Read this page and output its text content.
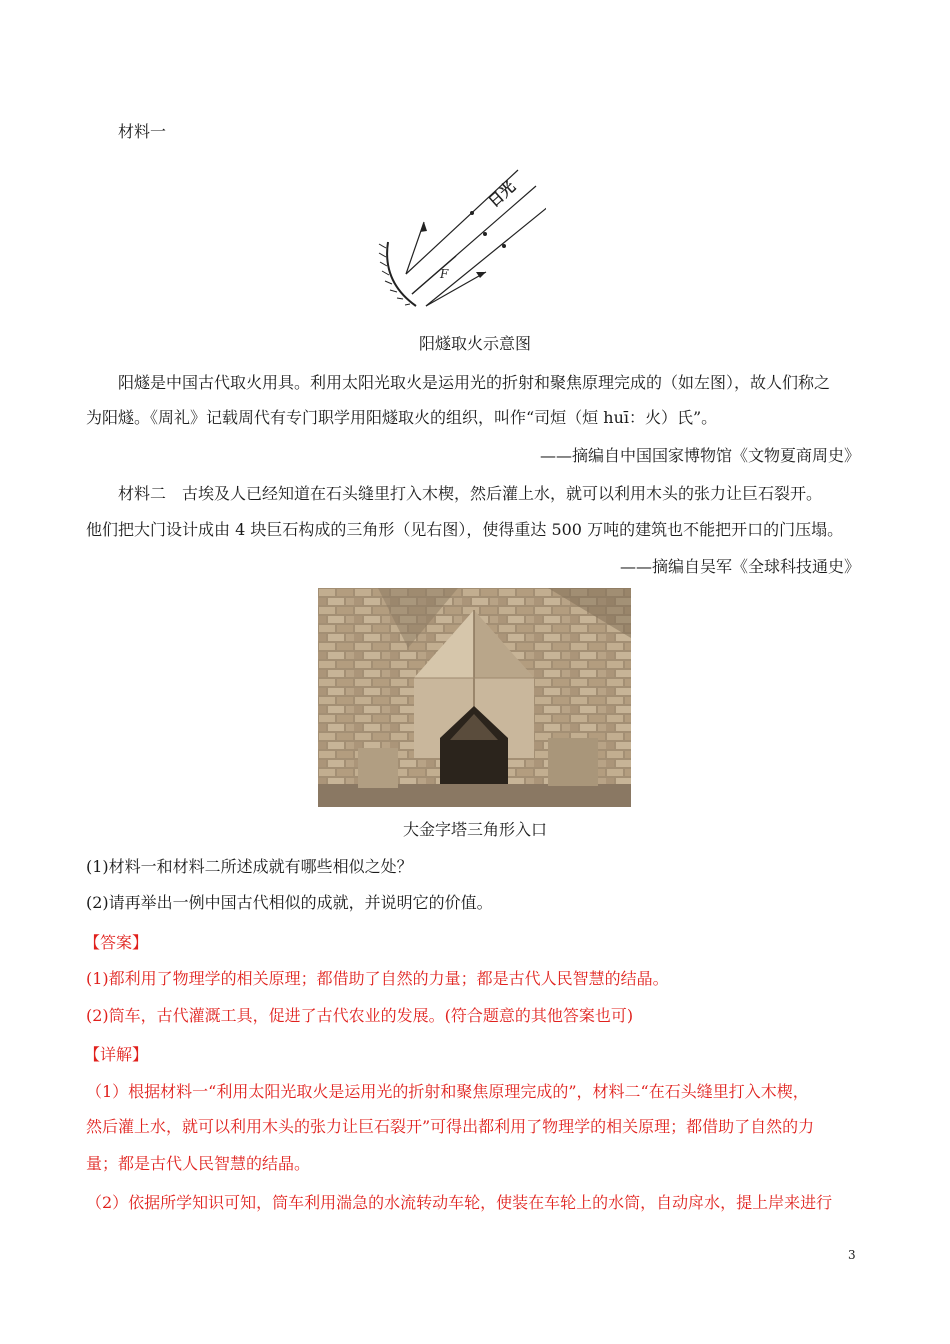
材料一
F
日光
阳燧取火示意图
阳燧是中国古代取火用具。利用太阳光取火是运用光的折射和聚焦原理完成的（如左图），故人们称之
为阳燧。《周礼》记载周代有专门职学用阳燧取火的组织，叫作“司烜（烜 huī：火）氏”。
——摘编自中国国家博物馆《文物夏商周史》
材料二　古埃及人已经知道在石头缝里打入木楔，然后灌上水，就可以利用木头的张力让巨石裂开。
他们把大门设计成由 4 块巨石构成的三角形（见右图），使得重达 500 万吨的建筑也不能把开口的门压塌。
——摘编自吴军《全球科技通史》
大金字塔三角形入口
(1)材料一和材料二所述成就有哪些相似之处？
(2)请再举出一例中国古代相似的成就，并说明它的价值。
【答案】
(1)都利用了物理学的相关原理；都借助了自然的力量；都是古代人民智慧的结晶。
(2)筒车，古代灌溉工具，促进了古代农业的发展。(符合题意的其他答案也可)
【详解】
（1）根据材料一“利用太阳光取火是运用光的折射和聚焦原理完成的”，材料二“在石头缝里打入木楔，
然后灌上水，就可以利用木头的张力让巨石裂开”可得出都利用了物理学的相关原理；都借助了自然的力
量；都是古代人民智慧的结晶。
（2）依据所学知识可知，筒车利用湍急的水流转动车轮，使装在车轮上的水筒，自动戽水，提上岸来进行
3
